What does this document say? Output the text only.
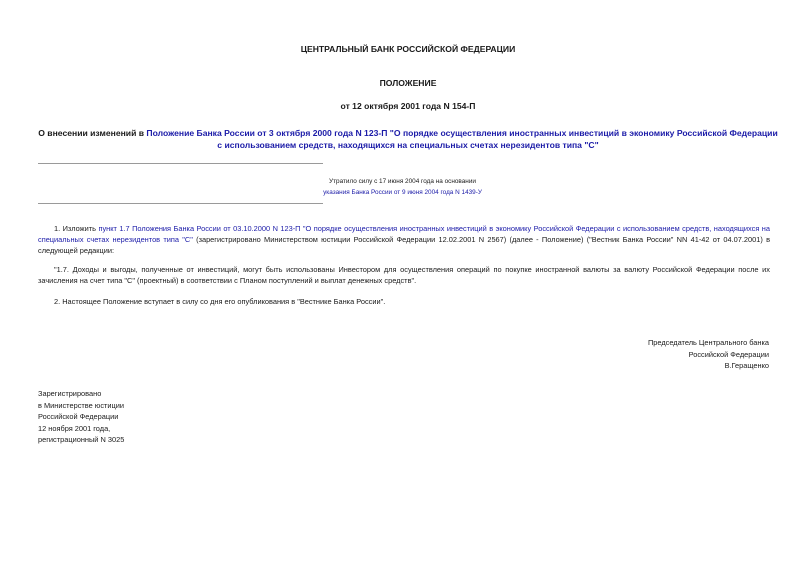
ЦЕНТРАЛЬНЫЙ БАНК РОССИЙСКОЙ ФЕДЕРАЦИИ
ПОЛОЖЕНИЕ
от 12 октября 2001 года N 154-П
О внесении изменений в Положение Банка России от 3 октября 2000 года N 123-П "О порядке осуществления иностранных инвестиций в экономику Российской Федерации с использованием средств, находящихся на специальных счетах нерезидентов типа "С"
Утратило силу с 17 июня 2004 года на основании
указания Банка России от 9 июня 2004 года N 1439-У
1. Изложить пункт 1.7 Положения Банка России от 03.10.2000 N 123-П "О порядке осуществления иностранных инвестиций в экономику Российской Федерации с использованием средств, находящихся на специальных счетах нерезидентов типа "С" (зарегистрировано Министерством юстиции Российской Федерации 12.02.2001 N 2567) (далее - Положение) ("Вестник Банка России" NN 41-42 от 04.07.2001) в следующей редакции:
"1.7. Доходы и выгоды, полученные от инвестиций, могут быть использованы Инвестором для осуществления операций по покупке иностранной валюты за валюту Российской Федерации после их зачисления на счет типа "С" (проектный) в соответствии с Планом поступлений и выплат денежных средств".
2. Настоящее Положение вступает в силу со дня его опубликования в "Вестнике Банка России".
Председатель Центрального банка
Российской Федерации
В.Геращенко
Зарегистрировано
в Министерстве юстиции
Российской Федерации
12 ноября 2001 года,
регистрационный N 3025
